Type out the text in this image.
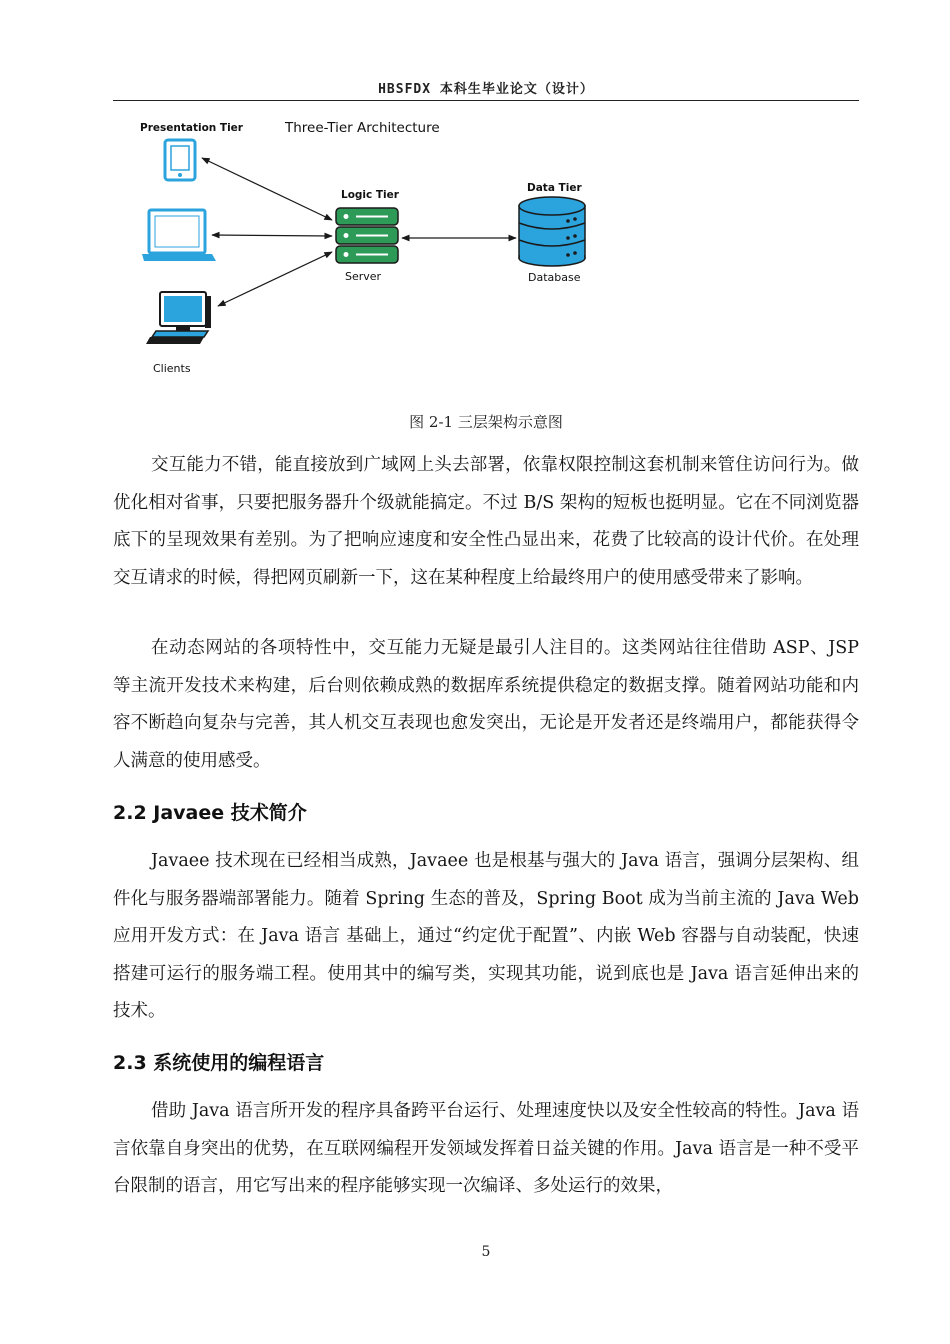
HBSFDX 本科生毕业论文（设计）
Presentation Tier	Three-Tier Architecture
Clients
Logic Tier
Server
Data Tier
Database
图 2-1 三层架构示意图

交互能力不错，能直接放到广域网上头去部署，依靠权限控制这套机制来管住访问行为。做优化相对省事，只要把服务器升个级就能搞定。不过 B/S 架构的短板也挺明显。它在不同浏览器底下的呈现效果有差别。为了把响应速度和安全性凸显出来，花费了比较高的设计代价。在处理交互请求的时候，得把网页刷新一下，这在某种程度上给最终用户的使用感受带来了影响。

在动态网站的各项特性中，交互能力无疑是最引人注目的。这类网站往往借助 ASP、JSP 等主流开发技术来构建，后台则依赖成熟的数据库系统提供稳定的数据支撑。随着网站功能和内容不断趋向复杂与完善，其人机交互表现也愈发突出，无论是开发者还是终端用户，都能获得令人满意的使用感受。

2.2 Javaee 技术简介

Javaee 技术现在已经相当成熟，Javaee 也是根基与强大的 Java 语言，强调分层架构、组件化与服务器端部署能力。随着 Spring 生态的普及，Spring Boot 成为当前主流的 Java Web 应用开发方式：在 Java 语言 基础上，通过“约定优于配置”、内嵌 Web 容器与自动装配，快速搭建可运行的服务端工程。使用其中的编写类，实现其功能，说到底也是 Java 语言延伸出来的技术。

2.3 系统使用的编程语言

借助 Java 语言所开发的程序具备跨平台运行、处理速度快以及安全性较高的特性。Java 语言依靠自身突出的优势，在互联网编程开发领域发挥着日益关键的作用。Java 语言是一种不受平台限制的语言，用它写出来的程序能够实现一次编译、多处运行的效果，

5
